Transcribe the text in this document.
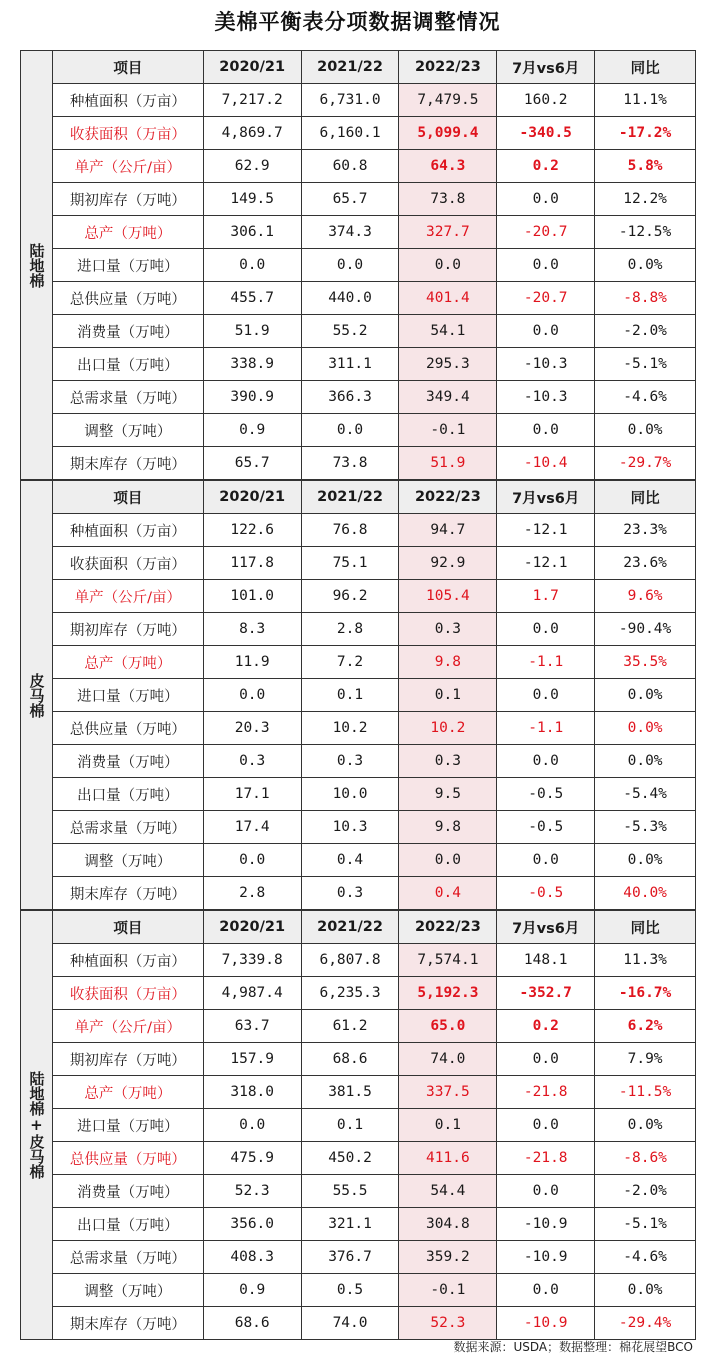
美棉平衡表分项数据调整情况
陆地棉	项目	2020/21	2021/22	2022/23	7月vs6月	同比
	种植面积（万亩）	7,217.2	6,731.0	7,479.5	160.2	11.1%
	收获面积（万亩）	4,869.7	6,160.1	5,099.4	-340.5	-17.2%
	单产（公斤/亩）	62.9	60.8	64.3	0.2	5.8%
	期初库存（万吨）	149.5	65.7	73.8	0.0	12.2%
	总产（万吨）	306.1	374.3	327.7	-20.7	-12.5%
	进口量（万吨）	0.0	0.0	0.0	0.0	0.0%
	总供应量（万吨）	455.7	440.0	401.4	-20.7	-8.8%
	消费量（万吨）	51.9	55.2	54.1	0.0	-2.0%
	出口量（万吨）	338.9	311.1	295.3	-10.3	-5.1%
	总需求量（万吨）	390.9	366.3	349.4	-10.3	-4.6%
	调整（万吨）	0.9	0.0	-0.1	0.0	0.0%
	期末库存（万吨）	65.7	73.8	51.9	-10.4	-29.7%
皮马棉	项目	2020/21	2021/22	2022/23	7月vs6月	同比
	种植面积（万亩）	122.6	76.8	94.7	-12.1	23.3%
	收获面积（万亩）	117.8	75.1	92.9	-12.1	23.6%
	单产（公斤/亩）	101.0	96.2	105.4	1.7	9.6%
	期初库存（万吨）	8.3	2.8	0.3	0.0	-90.4%
	总产（万吨）	11.9	7.2	9.8	-1.1	35.5%
	进口量（万吨）	0.0	0.1	0.1	0.0	0.0%
	总供应量（万吨）	20.3	10.2	10.2	-1.1	0.0%
	消费量（万吨）	0.3	0.3	0.3	0.0	0.0%
	出口量（万吨）	17.1	10.0	9.5	-0.5	-5.4%
	总需求量（万吨）	17.4	10.3	9.8	-0.5	-5.3%
	调整（万吨）	0.0	0.4	0.0	0.0	0.0%
	期末库存（万吨）	2.8	0.3	0.4	-0.5	40.0%
陆地棉+皮马棉	项目	2020/21	2021/22	2022/23	7月vs6月	同比
	种植面积（万亩）	7,339.8	6,807.8	7,574.1	148.1	11.3%
	收获面积（万亩）	4,987.4	6,235.3	5,192.3	-352.7	-16.7%
	单产（公斤/亩）	63.7	61.2	65.0	0.2	6.2%
	期初库存（万吨）	157.9	68.6	74.0	0.0	7.9%
	总产（万吨）	318.0	381.5	337.5	-21.8	-11.5%
	进口量（万吨）	0.0	0.1	0.1	0.0	0.0%
	总供应量（万吨）	475.9	450.2	411.6	-21.8	-8.6%
	消费量（万吨）	52.3	55.5	54.4	0.0	-2.0%
	出口量（万吨）	356.0	321.1	304.8	-10.9	-5.1%
	总需求量（万吨）	408.3	376.7	359.2	-10.9	-4.6%
	调整（万吨）	0.9	0.5	-0.1	0.0	0.0%
	期末库存（万吨）	68.6	74.0	52.3	-10.9	-29.4%
数据来源：USDA；数据整理：棉花展望BCO
